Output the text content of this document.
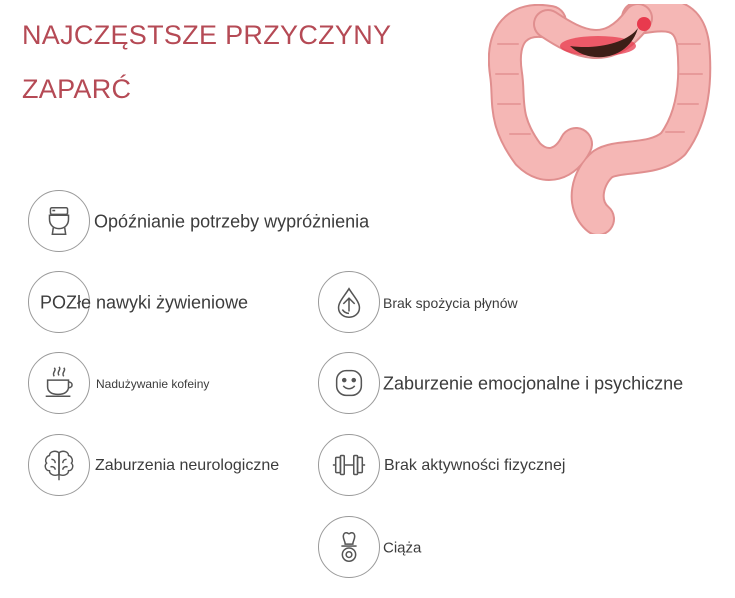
NAJCZĘSTSZE PRZYCZYNY
ZAPARĆ
Opóźnianie potrzeby wypróżnienia
POZłe nawyki żywieniowe
Nadużywanie kofeiny
Zaburzenia neurologiczne
Brak spożycia płynów
Zaburzenie emocjonalne i psychiczne
Brak aktywności fizycznej
Ciąża
